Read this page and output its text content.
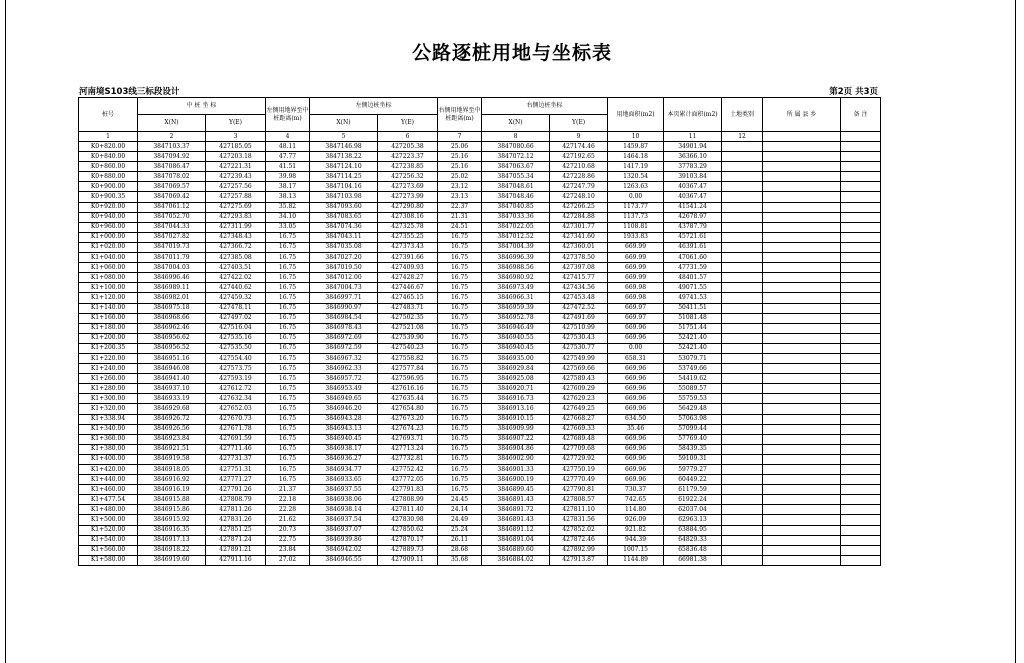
公路逐桩用地与坐标表
河南境S103线三标段设计	第2页 共3页
桩号	中 桩 坐 标		左侧用地界至中桩距离(m)	左侧边桩坐标		右侧用地界至中桩距离(m)	右侧边桩坐标		用地面积(m2)	本页累计面积(m2)	土地类别	所 属 县 乡	备 注
	X(N)	Y(E)		X(N)	Y(E)		X(N)	Y(E)					
1	2	3	4	5	6	7	8	9	10	11	12		
K0+820.00	3847103.37	427185.05	48.11	3847146.98	427205.38	25.06	3847080.66	427174.46	1459.87	34901.94			
K0+840.00	3847094.92	427203.18	47.77	3847138.22	427223.37	25.16	3847072.12	427192.65	1464.18	36366.10			
K0+860.00	3847086.47	427221.31	41.51	3847124.10	427238.85	25.16	3847063.67	427210.68	1417.19	37783.29			
K0+880.00	3847078.02	427239.43	39.98	3847114.25	427256.32	25.02	3847055.34	427228.86	1320.54	39103.84			
K0+900.00	3847069.57	427257.56	38.17	3847104.16	427273.69	23.12	3847048.61	427247.79	1263.63	40367.47			
K0+900.35	3847069.42	427257.88	38.13	3847103.98	427273.99	23.13	3847048.46	427248.10	0.00	40367.47			
K0+920.00	3847061.12	427275.69	35.82	3847093.60	427290.80	22.37	3847040.85	427266.25	1173.77	41541.24			
K0+940.00	3847052.70	427293.83	34.10	3847083.65	427308.16	21.31	3847033.36	427284.88	1137.73	42678.97			
K0+960.00	3847044.33	427311.99	33.05	3847074.36	427325.78	24.51	3847022.05	427301.77	1108.81	43787.79			
K1+000.00	3847027.82	427348.43	16.75	3847043.11	427355.25	16.75	3847012.52	427341.60	1933.83	45721.61			
K1+020.00	3847019.73	427366.72	16.75	3847035.08	427373.43	16.75	3847004.39	427360.01	669.99	46391.61			
K1+040.00	3847011.79	427385.08	16.75	3847027.20	427391.66	16.75	3846996.39	427378.50	669.99	47061.60			
K1+060.00	3847004.03	427403.51	16.75	3847019.50	427409.93	16.75	3846988.56	427397.08	669.99	47731.59			
K1+080.00	3846996.46	427422.02	16.75	3847012.00	427428.27	16.75	3846980.92	427415.77	669.99	48401.57			
K1+100.00	3846989.11	427440.62	16.75	3847004.73	427446.67	16.75	3846973.49	427434.56	669.98	49071.55			
K1+120.00	3846982.01	427459.32	16.75	3846997.71	427465.15	16.75	3846966.31	427453.48	669.98	49741.53			
K1+140.00	3846975.18	427478.11	16.75	3846990.97	427483.71	16.75	3846959.39	427472.52	669.97	50411.51			
K1+160.00	3846968.66	427497.02	16.75	3846984.54	427502.35	16.75	3846952.78	427491.69	669.97	51081.48			
K1+180.00	3846962.46	427516.04	16.75	3846978.43	427521.08	16.75	3846946.49	427510.99	669.96	51751.44			
K1+200.00	3846956.62	427535.16	16.75	3846972.69	427539.90	16.75	3846940.55	427530.43	669.96	52421.40			
K1+200.35	3846956.52	427535.50	16.75	3846972.59	427540.23	16.75	3846940.45	427530.77	0.00	52421.40			
K1+220.00	3846951.16	427554.40	16.75	3846967.32	427558.82	16.75	3846935.00	427549.99	658.31	53079.71			
K1+240.00	3846946.08	427573.75	16.75	3846962.33	427577.84	16.75	3846929.84	427569.66	669.96	53749.66			
K1+260.00	3846941.40	427593.19	16.75	3846957.72	427596.95	16.75	3846925.08	427589.43	669.96	54419.62			
K1+280.00	3846937.10	427612.72	16.75	3846953.49	427616.16	16.75	3846920.71	427609.29	669.96	55089.57			
K1+300.00	3846933.19	427632.34	16.75	3846949.65	427635.44	16.75	3846916.73	427629.23	669.96	55759.53			
K1+320.00	3846929.68	427652.03	16.75	3846946.20	427654.80	16.75	3846913.16	427649.25	669.96	56429.48			
K1+338.94	3846926.72	427670.73	16.75	3846943.28	427673.20	16.75	3846910.15	427668.27	634.50	57063.98			
K1+340.00	3846926.56	427671.78	16.75	3846943.13	427674.23	16.75	3846909.99	427669.33	35.46	57099.44			
K1+360.00	3846923.84	427691.59	16.75	3846940.45	427693.71	16.75	3846907.22	427689.48	669.96	57769.40			
K1+380.00	3846921.51	427711.46	16.75	3846938.17	427713.24	16.75	3846904.86	427709.68	669.96	58439.35			
K1+400.00	3846919.58	427731.37	16.75	3846936.27	427732.81	16.75	3846902.90	427729.92	669.96	59109.31			
K1+420.00	3846918.05	427751.31	16.75	3846934.77	427752.42	16.75	3846901.33	427750.19	669.96	59779.27			
K1+440.00	3846916.92	427771.27	16.75	3846933.65	427772.05	16.75	3846900.19	427770.49	669.96	60449.22			
K1+460.00	3846916.19	427791.26	21.37	3846937.55	427791.83	16.75	3846899.45	427790.81	730.37	61179.59			
K1+477.54	3846915.88	427808.79	22.18	3846938.06	427808.99	24.45	3846891.43	427808.57	742.65	61922.24			
K1+480.00	3846915.86	427811.26	22.28	3846938.14	427811.40	24.14	3846891.72	427811.10	114.80	62037.04			
K1+500.00	3846915.92	427831.26	21.62	3846937.54	427830.98	24.49	3846891.43	427831.56	926.09	62963.13			
K1+520.00	3846916.35	427851.25	20.73	3846937.07	427850.62	25.24	3846891.12	427852.02	921.82	63884.95			
K1+540.00	3846917.13	427871.24	22.75	3846939.86	427870.17	26.11	3846891.04	427872.46	944.39	64829.33			
K1+560.00	3846918.22	427891.21	23.84	3846942.02	427889.73	28.68	3846889.60	427892.99	1007.15	65836.48			
K1+580.00	3846919.60	427911.16	27.02	3846946.55	427909.11	35.68	3846884.02	427913.87	1144.89	66981.38			
